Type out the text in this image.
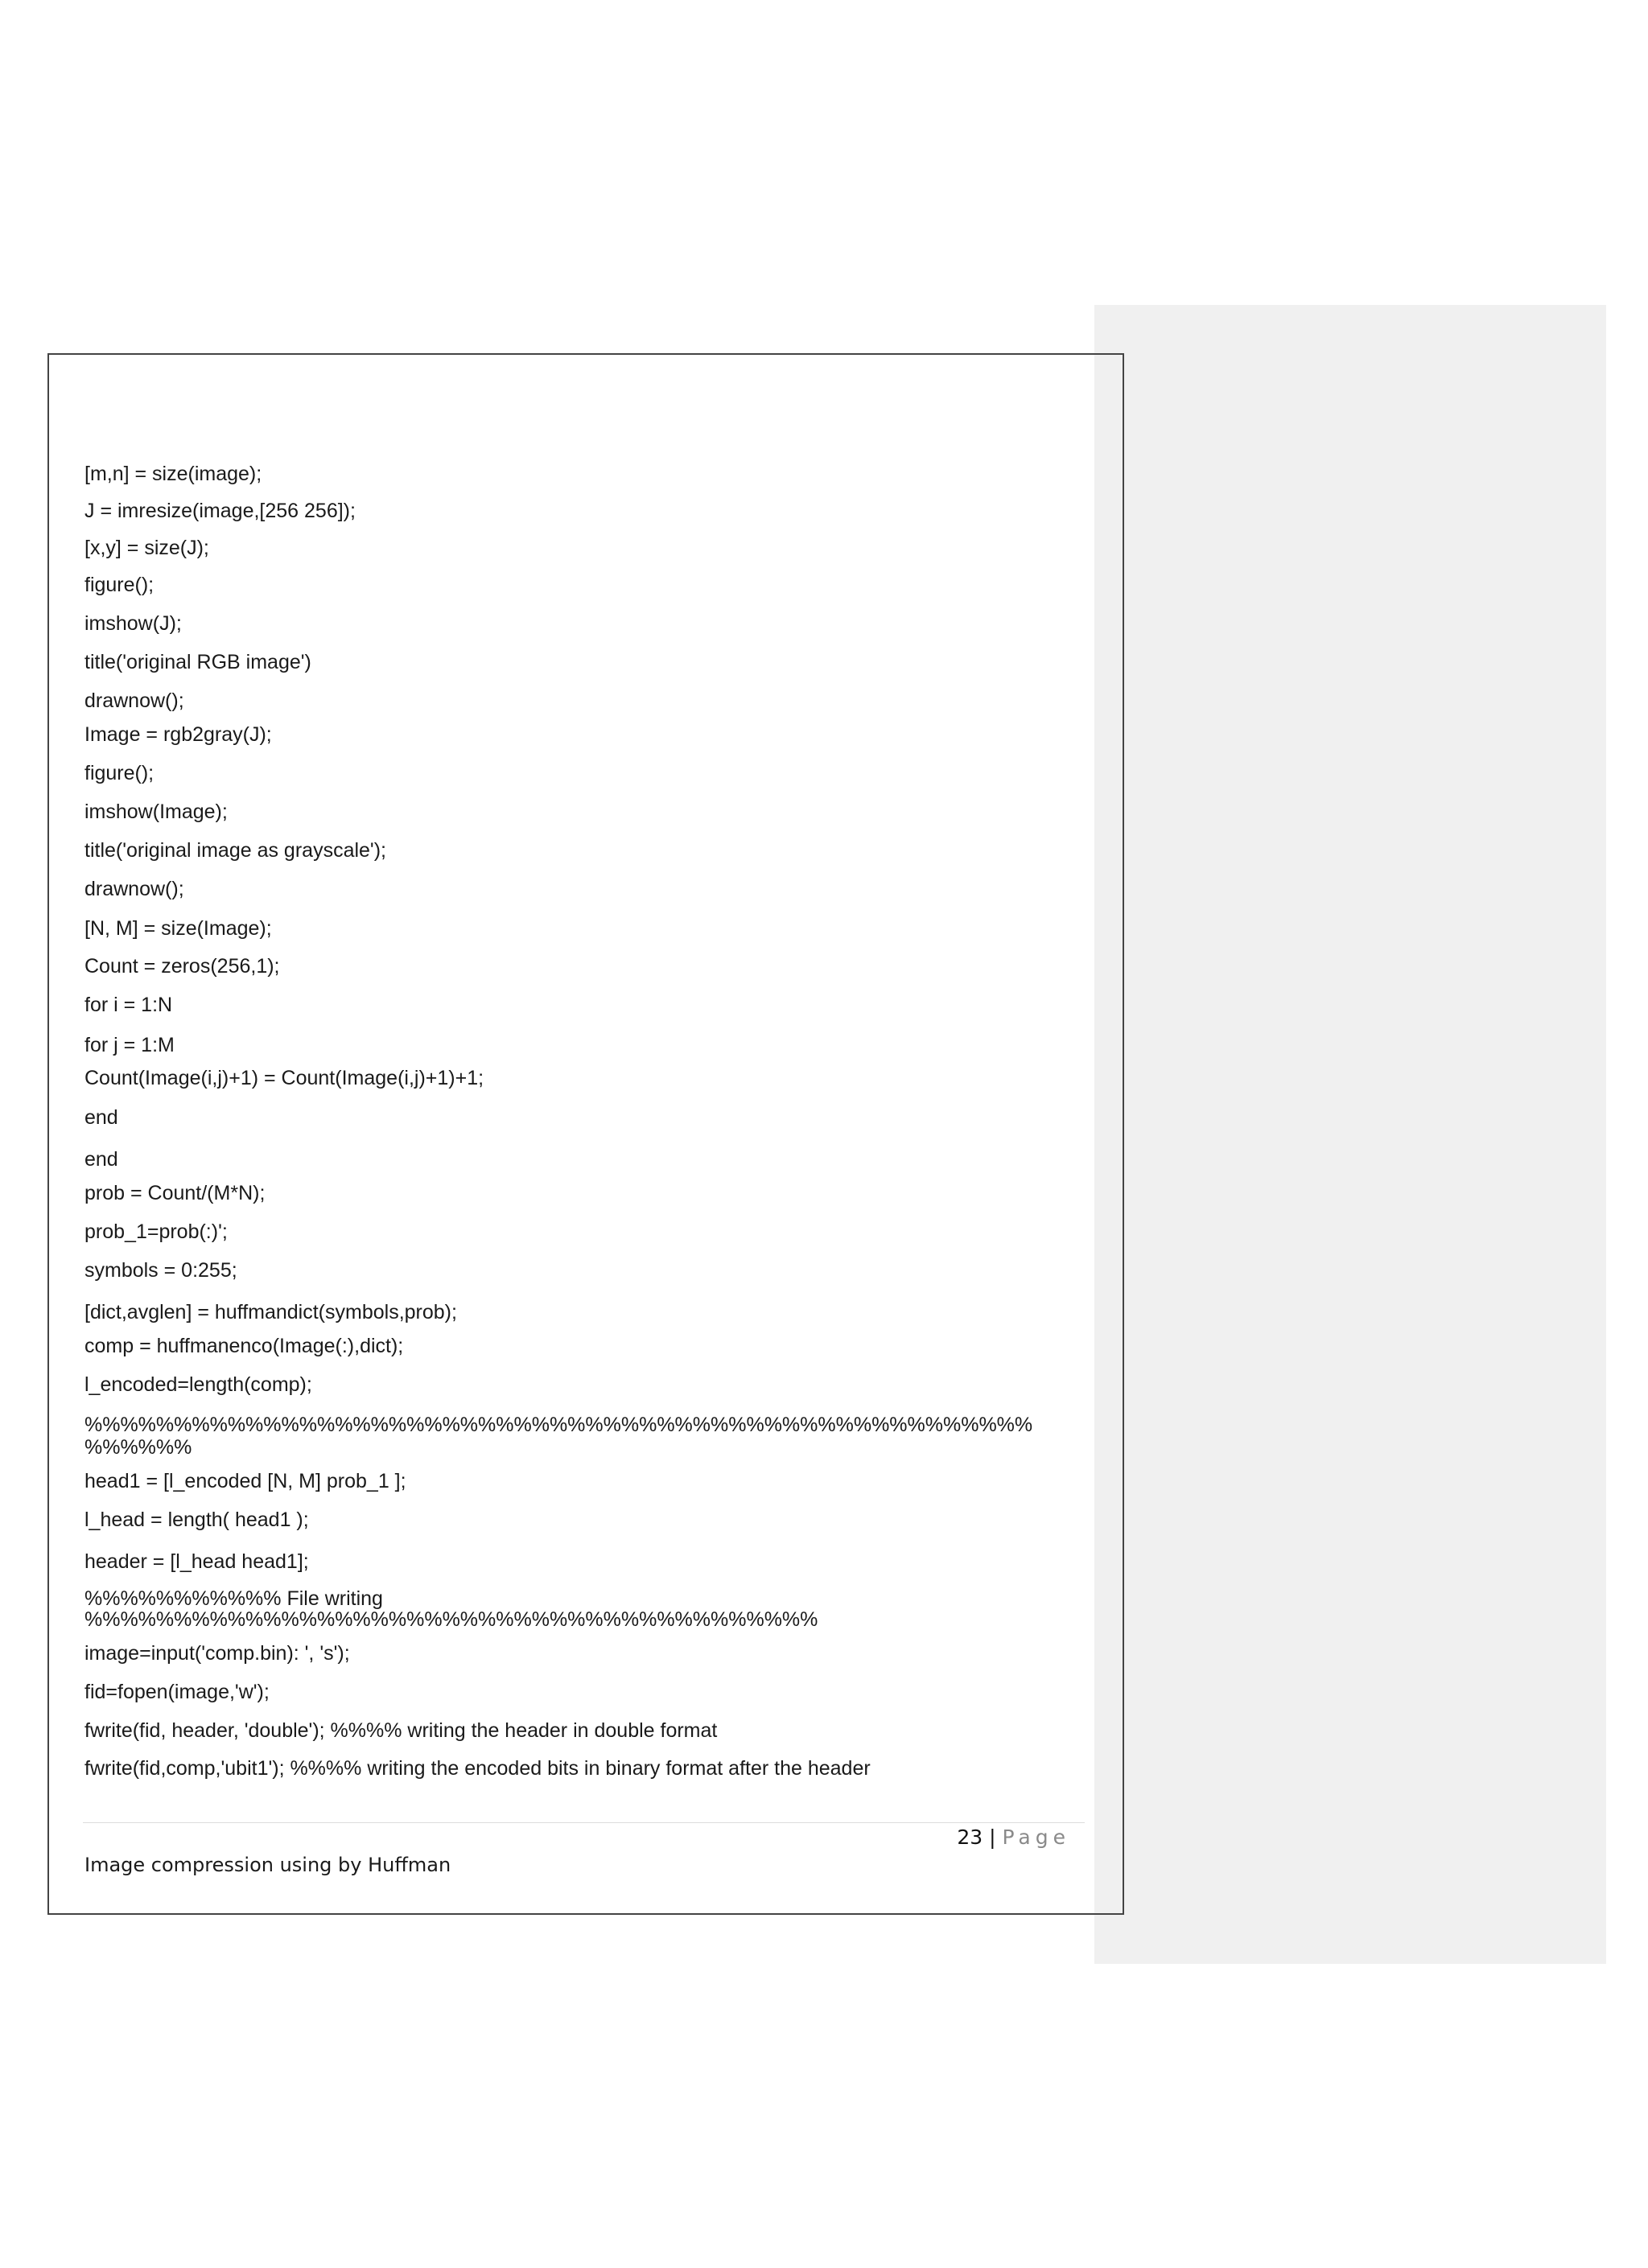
[m,n] = size(image);
J = imresize(image,[256 256]);
[x,y] = size(J);
figure();
imshow(J);
title('original RGB image')
drawnow();
Image = rgb2gray(J);
figure();
imshow(Image);
title('original image as grayscale');
drawnow();
[N, M] = size(Image);
Count = zeros(256,1);
for i = 1:N
for j = 1:M
Count(Image(i,j)+1) = Count(Image(i,j)+1)+1;
end
end
prob = Count/(M*N);
prob_1=prob(:)';
symbols = 0:255;
[dict,avglen] = huffmandict(symbols,prob);
comp = huffmanenco(Image(:),dict);
l_encoded=length(comp);
%%%%%%%%%%%%%%%%%%%%%%%%%%%%%%%%%%%%%%%%%%%%%%%%%%%%%
%%%%%%
head1 = [l_encoded [N, M] prob_1 ];
l_head = length( head1 );
header = [l_head head1];
%%%%%%%%%%% File writing
%%%%%%%%%%%%%%%%%%%%%%%%%%%%%%%%%%%%%%%%%
image=input('comp.bin): ', 's');
fid=fopen(image,'w');
fwrite(fid, header, 'double'); %%%% writing the header in double format
fwrite(fid,comp,'ubit1'); %%%% writing the encoded bits in binary format after the header
23 | Page
Image compression using by Huffman
